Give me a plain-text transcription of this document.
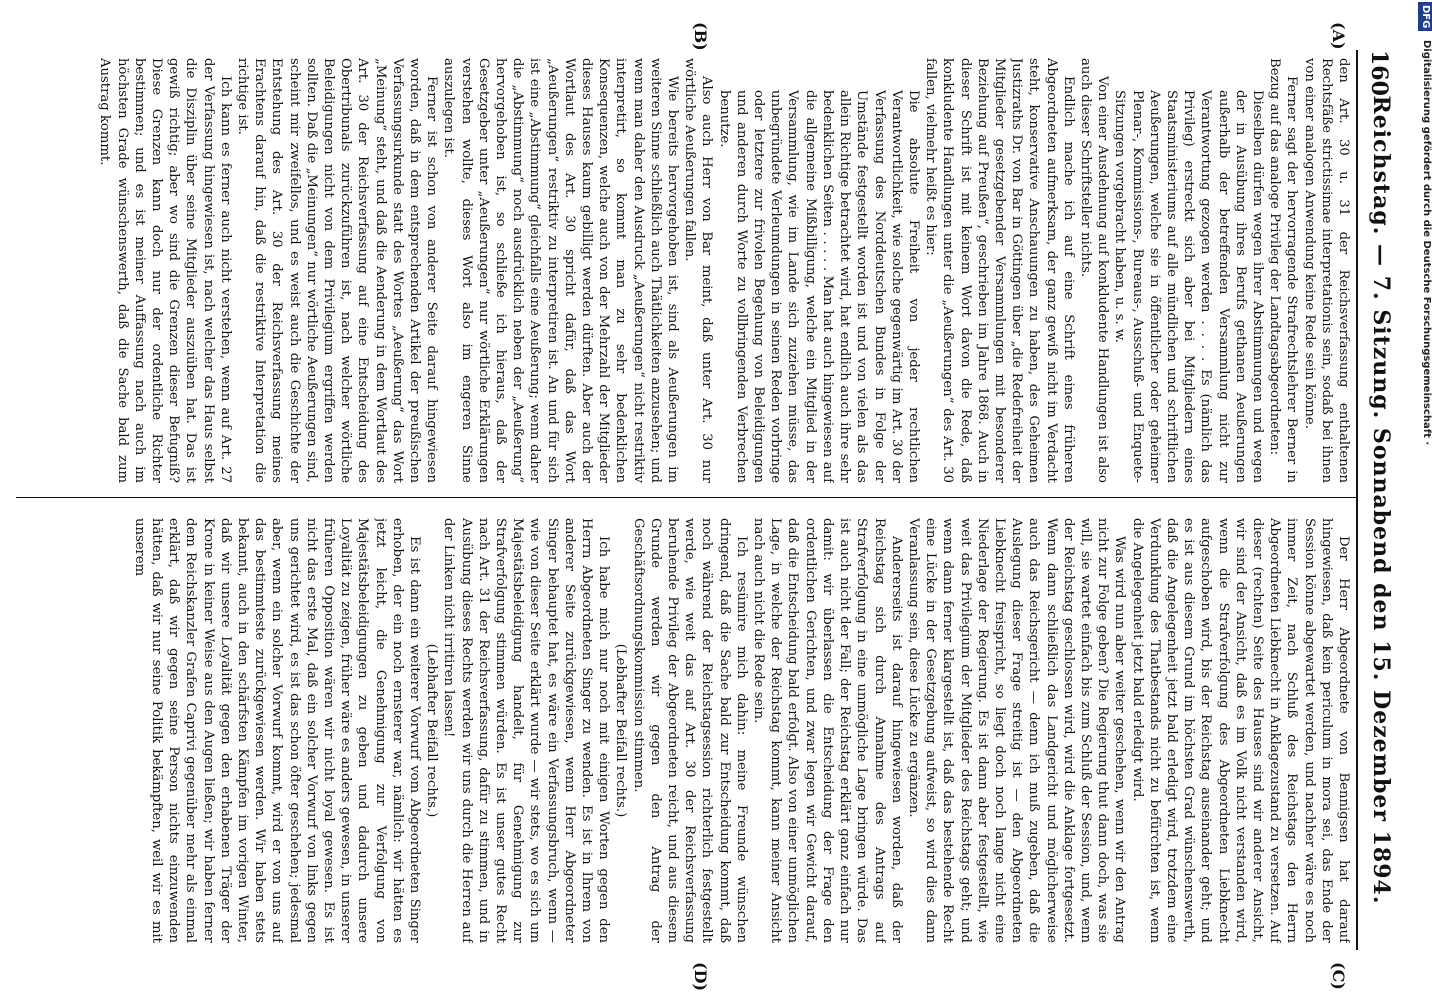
160
Reichstag. — 7. Sitzung. Sonnabend den 15. Dezember 1894.
(A)
(B)
(C)
(D)

den Art. 30 u. 31 der Reichsverfassung enthaltenen Rechtsfäße strictissimae interpretationis sein, sodaß bei ihnen von einer analogen Anwendung keine Rede sein könne.

Ferner sagt der hervorragende Strafrechtslehrer Berner in Bezug auf das analoge Privileg der Landtagsabgeordneten:

Dieselben dürfen wegen ihrer Abstimmungen und wegen der in Ausübung ihres Berufs gethanen Aeußerungen außerhalb der betreffenden Versammlung nicht zur Verantwortung gezogen werden . . . . Es (nämlich das Privileg) erstreckt sich aber bei Mitgliedern eines Staatsministeriums auf alle mündlichen und schriftlichen Aeußerungen, welche sie in öffentlicher oder geheimer Plenar-, Kommissions-, Bureaus-, Ausschuß- und Enquete-Sitzungen vorgebracht haben, u. s. w.

Von einer Ausdehnung auf konkludente Handlungen ist also auch dieser Schriftsteller nichts.

Endlich mache ich auf eine Schrift eines früheren Abgeordneten aufmerksam, der ganz gewiß nicht im Verdacht steht, konservative Anschauungen zu haben, des Geheimen Justizraths Dr. von Bar in Göttingen über „die Redefreiheit der Mitglieder gesetzgebender Versammlungen mit besonderer Beziehung auf Preußen“, geschrieben im Jahre 1868. Auch in dieser Schrift ist mit keinem Wort davon die Rede, daß konkludente Handlungen unter die „Aeußerungen“ des Art. 30 fallen, vielmehr heißt es hier:

Die absolute Freiheit von jeder rechtlichen Verantwortlichkeit, wie solche gegenwärtig im Art. 30 der Verfassung des Norddeutschen Bundes in Folge der Umstände festgestellt worden ist und von vielen als das allein Richtige betrachtet wird, hat endlich auch ihre sehr bedenklichen Seiten . . . . . Man hat auch hingewiesen auf die allgemeine Mißbilligung, welche ein Mitglied in der Versammlung, wie im Lande sich zuziehen müsse, das unbegründete Verleumdungen in seinen Reden vorbringe oder letztere zur frivolen Begehung von Beleidigungen und anderen durch Worte zu vollbringenden Verbrechen benutze.

Also auch Herr von Bar meint, daß unter Art. 30 nur wörtliche Aeußerungen fallen.

Wie bereits hervorgehoben ist, sind als Aeußerungen im weiteren Sinne schließlich auch Thätlichkeiten anzusehen; und wenn man daher den Ausdruck „Aeußerungen“ nicht restriktiv interpretirt, so kommt man zu sehr bedenklichen Konsequenzen, welche auch von der Mehrzahl der Mitglieder dieses Hauses kaum gebilligt werden dürften. Aber auch der Wortlaut des Art. 30 spricht dafür, daß das Wort „Aeußerungen“ restriktiv zu interpretiren ist. An und für sich ist eine „Abstimmung“ gleichfalls eine Aeußerung; wenn daher die „Abstimmung“ noch ausdrücklich neben der „Aeußerung“ hervorgehoben ist, so schließe ich hieraus, daß der Gesetzgeber unter „Aeußerungen“ nur wörtliche Erklärungen verstehen wollte, dieses Wort also im engeren Sinne auszulegen ist.

Ferner ist schon von anderer Seite darauf hingewiesen worden, daß in dem entsprechenden Artikel der preußischen Verfassungsurkunde statt des Wortes „Aeußerung“ das Wort „Meinung“ steht, und daß die Aenderung in dem Wortlaut des Art. 30 der Reichsverfassung auf eine Entscheidung des Obertribunals zurückzuführen ist, nach welcher wörtliche Beleidigungen nicht von dem Privilegium ergriffen werden sollten. Daß die „Meinungen“ nur wörtliche Aeußerungen sind, scheint mir zweifellos, und es weist auch die Geschichte der Entstehung des Art. 30 der Reichsverfassung meines Erachtens darauf hin, daß die restriktive Interpretation die richtige ist.

Ich kann es ferner auch nicht verstehen, wenn auf Art. 27 der Verfassung hingewiesen ist, nach welcher das Haus selbst die Disziplin über seine Mitglieder auszuüben hat. Das ist gewiß richtig; aber wo sind die Grenzen dieser Befugniß? Diese Grenzen kann doch nur der ordentliche Richter bestimmen; und es ist meiner Auffassung nach auch im höchsten Grade wünschenswerth, daß die Sache bald zum Austrag kommt.

Der Herr Abgeordnete von Bennigsen hat darauf hingewiesen, daß kein periculum in mora sei, das Ende der Session könne abgewartet werden, und nachher wäre es noch immer Zeit, nach Schluß des Reichstags den Herrn Abgeordneten Liebknecht in Anklagezustand zu versetzen. Auf dieser (rechten) Seite des Hauses sind wir anderer Ansicht, wir sind der Ansicht, daß es im Volk nicht verstanden wird, wenn die Strafverfolgung des Abgeordneten Liebknecht aufgeschoben wird, bis der Reichstag auseinander geht; und es ist aus diesem Grund im höchsten Grad wünschenswerth, daß die Angelegenheit jetzt bald erledigt wird, trotzdem eine Verdunklung des Thatbestands nicht zu befürchten ist, wenn die Angelegenheit jetzt bald erledigt wird.

Was wird nun aber weiter geschehen, wenn wir den Antrag nicht zur Folge geben? Die Regierung thut dann doch, was sie will, sie wartet einfach bis zum Schluß der Session, und, wenn der Reichstag geschlossen wird, wird die Anklage fortgesetzt. Wenn dann schließlich das Landgericht und möglicherweise auch das Reichsgericht — denn ich muß zugeben, daß die Auslegung dieser Frage streitig ist — den Abgeordneten Liebknecht freispricht, so liegt doch noch lange nicht eine Niederlage der Regierung. Es ist dann aber festgestellt, wie weit das Privilegium der Mitglieder des Reichstags geht; und wenn dann ferner klargestellt ist, daß das bestehende Recht eine Lücke in der Gesetzgebung aufweist, so wird dies dann Veranlassung sein, diese Lücke zu ergänzen.

Andererseits ist darauf hingewiesen worden, daß der Reichstag sich durch Annahme des Antrags auf Strafverfolgung in eine unmögliche Lage bringen würde. Das ist auch nicht der Fall; der Reichstag erklärt ganz einfach nur damit: wir überlassen die Entscheidung der Frage den ordentlichen Gerichten, und zwar legen wir Gewicht darauf, daß die Entscheidung bald erfolgt. Also von einer unmöglichen Lage, in welche der Reichstag kommt, kann meiner Ansicht nach auch nicht die Rede sein.

Ich resümire mich dahin: meine Freunde wünschen dringend, daß die Sache bald zur Entscheidung kommt, daß noch während der Reichstagsession richterlich festgestellt werde, wie weit das auf Art. 30 der Reichsverfassung beruhende Privileg der Abgeordneten reicht, und aus diesem Grunde werden wir gegen den Antrag der Geschäftsordnungskommission stimmen.

(Lebhafter Beifall rechts.)

Ich habe mich nur noch mit einigen Worten gegen den Herrn Abgeordneten Singer zu wenden. Es ist in Ihrem von anderer Seite zurückgewiesen, wenn Herr Abgeordneter Singer behauptet hat, es wäre ein Verfassungsbruch, wenn — wie von dieser Seite erklärt wurde — wir stets, wo es sich um Majestätsbeleidigung handelt, für Genehmigung zur Strafverfolgung stimmen würden. Es ist unser gutes Recht nach Art. 31 der Reichsverfassung, dafür zu stimmen, und in Ausübung dieses Rechts werden wir uns durch die Herren auf der Linken nicht irritiren lassen!

(Lebhafter Beifall rechts.)

Es ist dann ein weiterer Vorwurf vom Abgeordneten Singer erhoben, der ein noch ernsterer war, nämlich: wir hätten es jetzt leicht, die Genehmigung zur Verfolgung von Majestätsbeleidigungen zu geben und dadurch unsere Loyalität zu zeigen, früher wäre es anders gewesen, in unserer früheren Opposition wären wir nicht loyal gewesen. Es ist nicht das erste Mal, daß ein solcher Vorwurf von links gegen uns gerichtet wird, es ist das schon öfter geschehen; jedesmal aber, wenn ein solcher Vorwurf kommt, wird er von uns auf das bestimmteste zurückgewiesen werden. Wir haben stets bekannt, auch in den schärfsten Kämpfen im vorigen Winter, daß wir unsere Loyalität gegen den erhabenen Träger der Krone in keiner Weise aus den Augen ließen; wir haben ferner dem Reichskanzler Grafen Caprivi gegenüber mehr als einmal erklärt, daß wir gegen seine Person nichts einzuwenden hätten, daß wir nur seine Politik bekämpften, weil wir es mit unserem

DFG
Digitalisierung gefördert durch die Deutsche Forschungsgemeinschaft ·
